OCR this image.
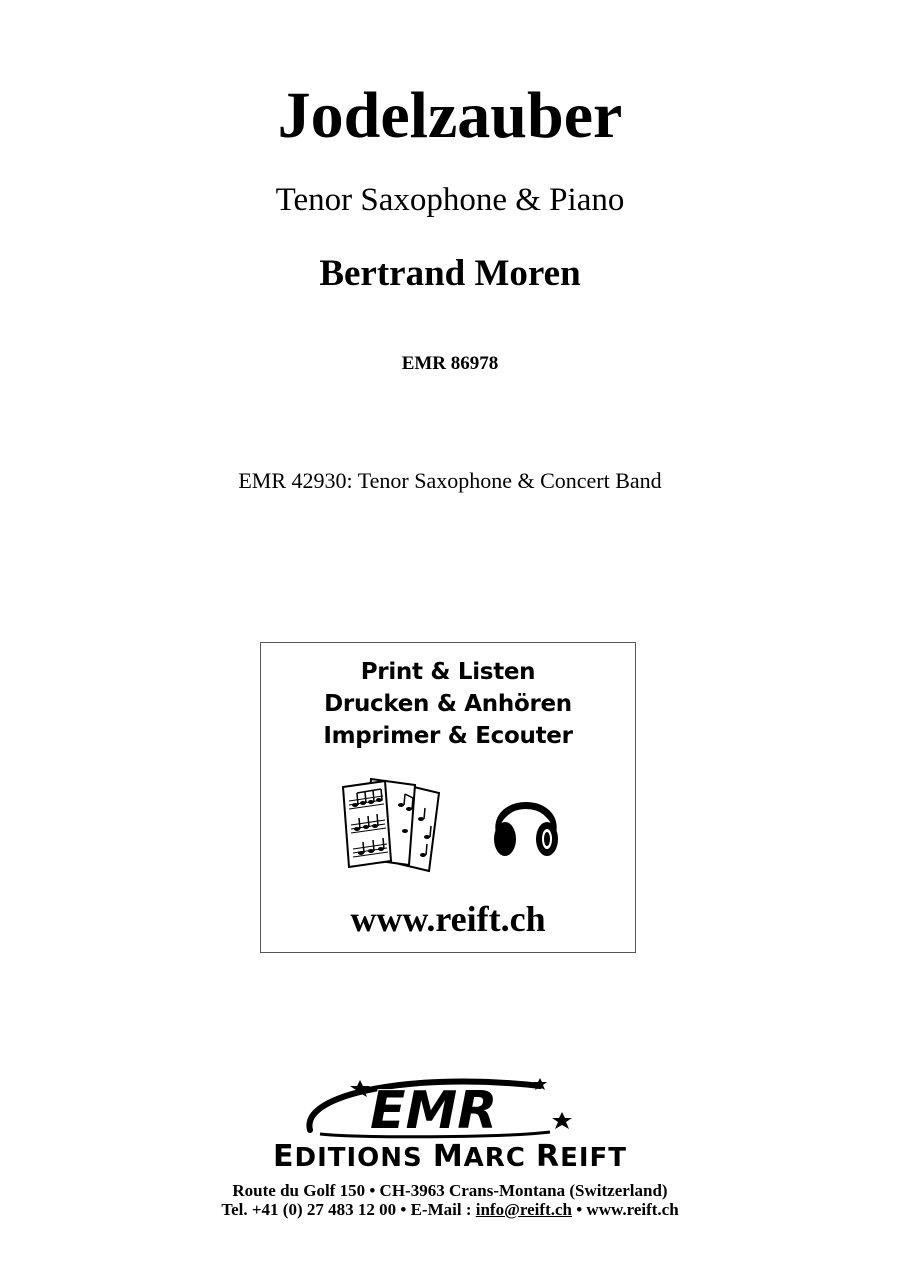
Jodelzauber
Tenor Saxophone & Piano
Bertrand Moren
EMR 86978
EMR 42930: Tenor Saxophone & Concert Band
Print & Listen
Drucken & Anhören
Imprimer & Ecouter
www.reift.ch
EMR
EDITIONS MARC REIFT
Route du Golf 150 • CH-3963 Crans-Montana (Switzerland)
Tel. +41 (0) 27 483 12 00 • E-Mail : info@reift.ch • www.reift.ch
